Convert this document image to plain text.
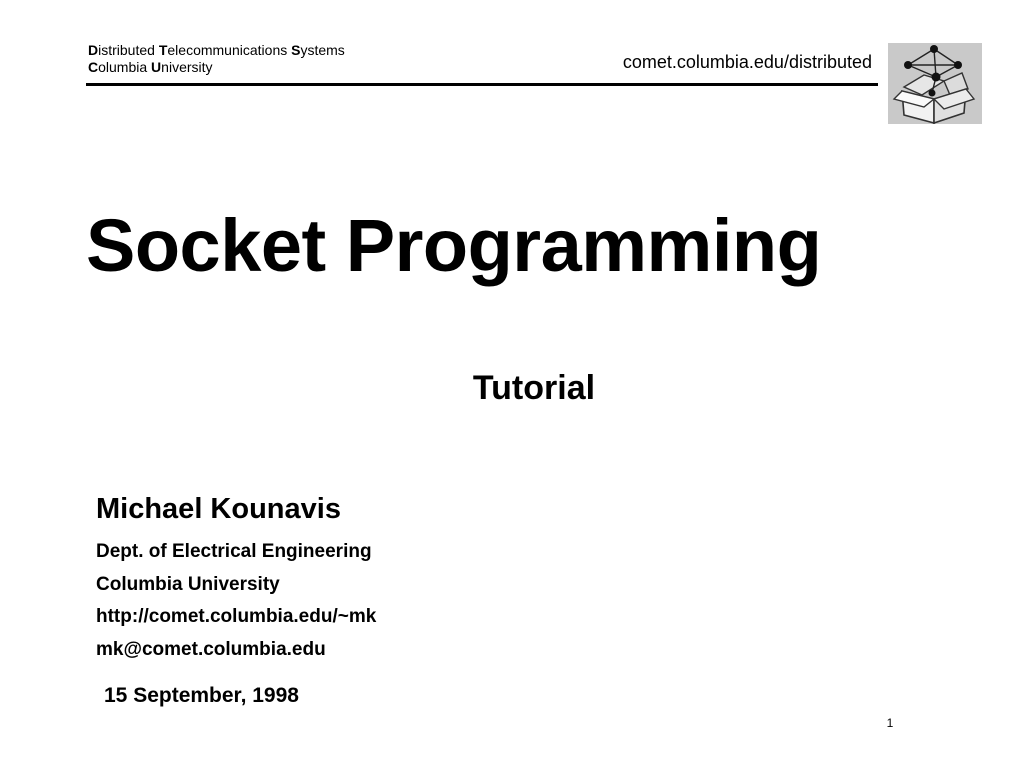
Distributed Telecommunications Systems
Columbia University	comet.columbia.edu/distributed
Socket Programming
Tutorial
Michael Kounavis
Dept. of Electrical Engineering
Columbia University
http://comet.columbia.edu/~mk
mk@comet.columbia.edu
15 September, 1998
1
